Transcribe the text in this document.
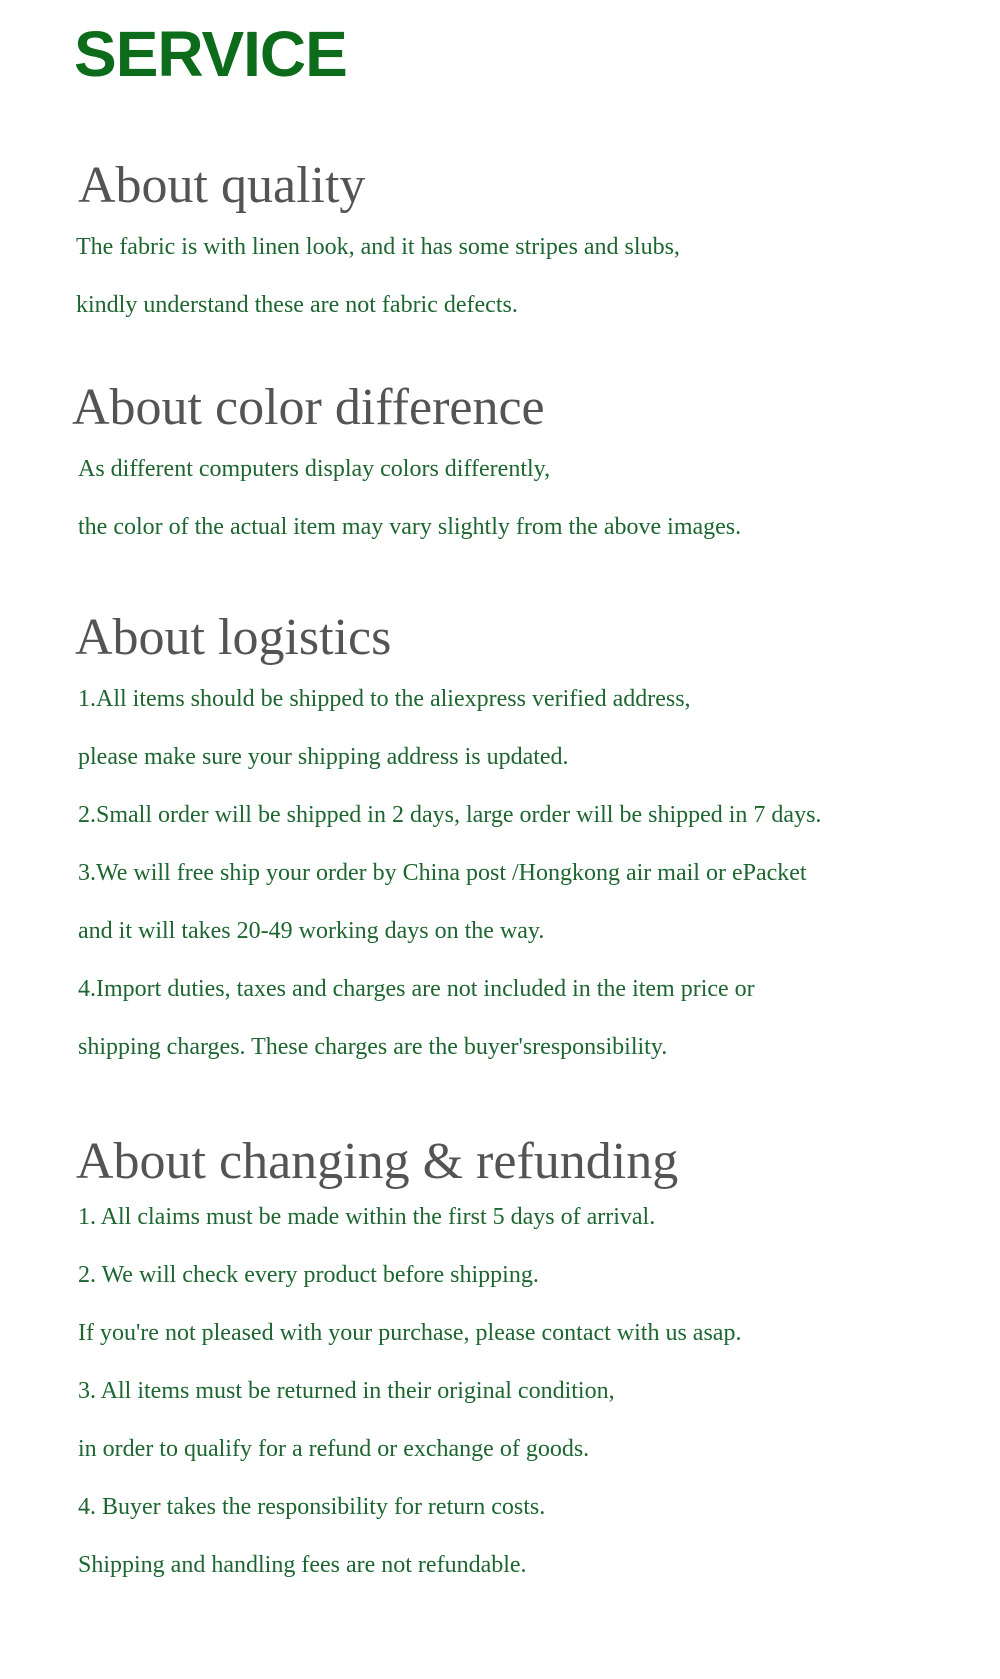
SERVICE
About quality

The fabric is with linen look, and it has some stripes and slubs,

kindly understand these are not fabric defects.

About color difference

As different computers display colors differently,

the color of the actual item may vary slightly from the above images.

About logistics

1.All items should be shipped to the aliexpress verified address,

please make sure your shipping address is updated.

2.Small order will be shipped in 2 days, large order will be shipped in 7 days.

3.We will free ship your order by China post /Hongkong air mail or ePacket

and it will takes 20-49 working days on the way.

4.Import duties, taxes and charges are not included in the item price or

shipping charges. These charges are the buyer'sresponsibility.

About changing & refunding

1. All claims must be made within the first 5 days of arrival.

2. We will check every product before shipping.

If you're not pleased with your purchase, please contact with us asap.

3. All items must be returned in their original condition,

in order to qualify for a refund or exchange of goods.

4. Buyer takes the responsibility for return costs.

Shipping and handling fees are not refundable.
